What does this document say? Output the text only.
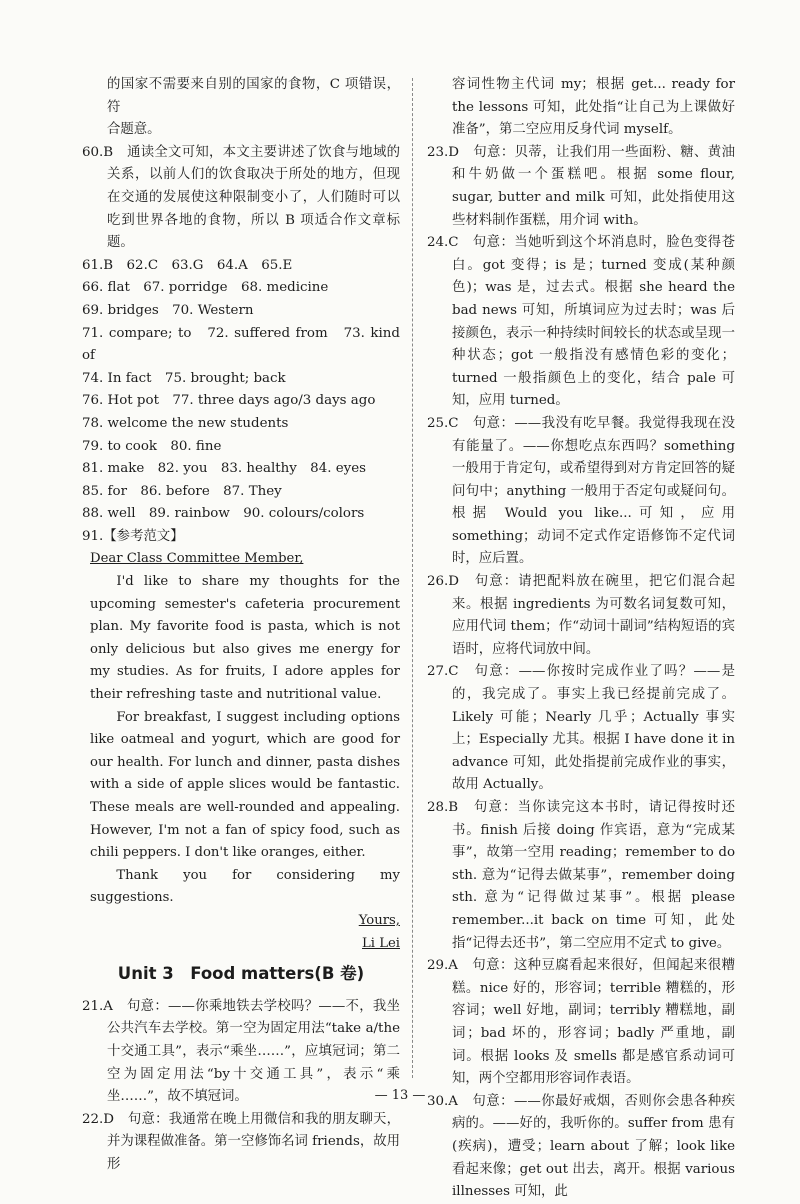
的国家不需要来自别的国家的食物，C 项错误，符

合题意。

60.B　通读全文可知，本文主要讲述了饮食与地域的关系，以前人们的饮食取决于所处的地方，但现在交通的发展使这种限制变小了，人们随时可以吃到世界各地的食物，所以 B 项适合作文章标题。

61.B　62.C　63.G　64.A　65.E

66. flat　67. porridge　68. medicine

69. bridges　70. Western

71. compare; to　72. suffered from　73. kind of

74. In fact　75. brought; back

76. Hot pot　77. three days ago/3 days ago

78. welcome the new students

79. to cook　80. fine

81. make　82. you　83. healthy　84. eyes

85. for　86. before　87. They

88. well　89. rainbow　90. colours/colors

91.【参考范文】

Dear Class Committee Member,

I'd like to share my thoughts for the upcoming semester's cafeteria procurement plan. My favorite food is pasta, which is not only delicious but also gives me energy for my studies. As for fruits, I adore apples for their refreshing taste and nutritional value.

For breakfast, I suggest including options like oatmeal and yogurt, which are good for our health. For lunch and dinner, pasta dishes with a side of apple slices would be fantastic. These meals are well-rounded and appealing. However, I'm not a fan of spicy food, such as chili peppers. I don't like oranges, either.

Thank you for considering my suggestions.

Yours,

Li Lei

Unit 3　Food matters(B 卷)

21.A　句意：——你乘地铁去学校吗？——不，我坐公共汽车去学校。第一空为固定用法“take a/the 十交通工具”，表示“乘坐……”，应填冠词；第二空为固定用法“by十交通工具”，表示“乘坐……”，故不填冠词。

22.D　句意：我通常在晚上用微信和我的朋友聊天，并为课程做准备。第一空修饰名词 friends，故用形

容词性物主代词 my；根据 get... ready for the lessons 可知，此处指“让自己为上课做好准备”，第二空应用反身代词 myself。

23.D　句意：贝蒂，让我们用一些面粉、糖、黄油和牛奶做一个蛋糕吧。根据 some flour, sugar, butter and milk 可知，此处指使用这些材料制作蛋糕，用介词 with。

24.C　句意：当她听到这个坏消息时，脸色变得苍白。got 变得；is 是；turned 变成(某种颜色)；was 是，过去式。根据 she heard the bad news 可知，所填词应为过去时；was 后接颜色，表示一种持续时间较长的状态或呈现一种状态；got 一般指没有感情色彩的变化；turned 一般指颜色上的变化，结合 pale 可知，应用 turned。

25.C　句意：——我没有吃早餐。我觉得我现在没有能量了。——你想吃点东西吗？something 一般用于肯定句，或希望得到对方肯定回答的疑问句中；anything 一般用于否定句或疑问句。根据 Would you like...可知，应用 something；动词不定式作定语修饰不定代词时，应后置。

26.D　句意：请把配料放在碗里，把它们混合起来。根据 ingredients 为可数名词复数可知，应用代词 them；作“动词十副词”结构短语的宾语时，应将代词放中间。

27.C　句意：——你按时完成作业了吗？——是的，我完成了。事实上我已经提前完成了。Likely 可能；Nearly 几乎；Actually 事实上；Especially 尤其。根据 I have done it in advance 可知，此处指提前完成作业的事实，故用 Actually。

28.B　句意：当你读完这本书时，请记得按时还书。finish 后接 doing 作宾语，意为“完成某事”，故第一空用 reading；remember to do sth. 意为“记得去做某事”，remember doing sth. 意为“记得做过某事”。根据 please remember...it back on time 可知，此处指“记得去还书”，第二空应用不定式 to give。

29.A　句意：这种豆腐看起来很好，但闻起来很糟糕。nice 好的，形容词；terrible 糟糕的，形容词；well 好地，副词；terribly 糟糕地，副词；bad 坏的，形容词；badly 严重地，副词。根据 looks 及 smells 都是感官系动词可知，两个空都用形容词作表语。

30.A　句意：——你最好戒烟，否则你会患各种疾病的。——好的，我听你的。suffer from 患有(疾病)，遭受；learn about 了解；look like 看起来像；get out 出去，离开。根据 various illnesses 可知，此

— 13 —
